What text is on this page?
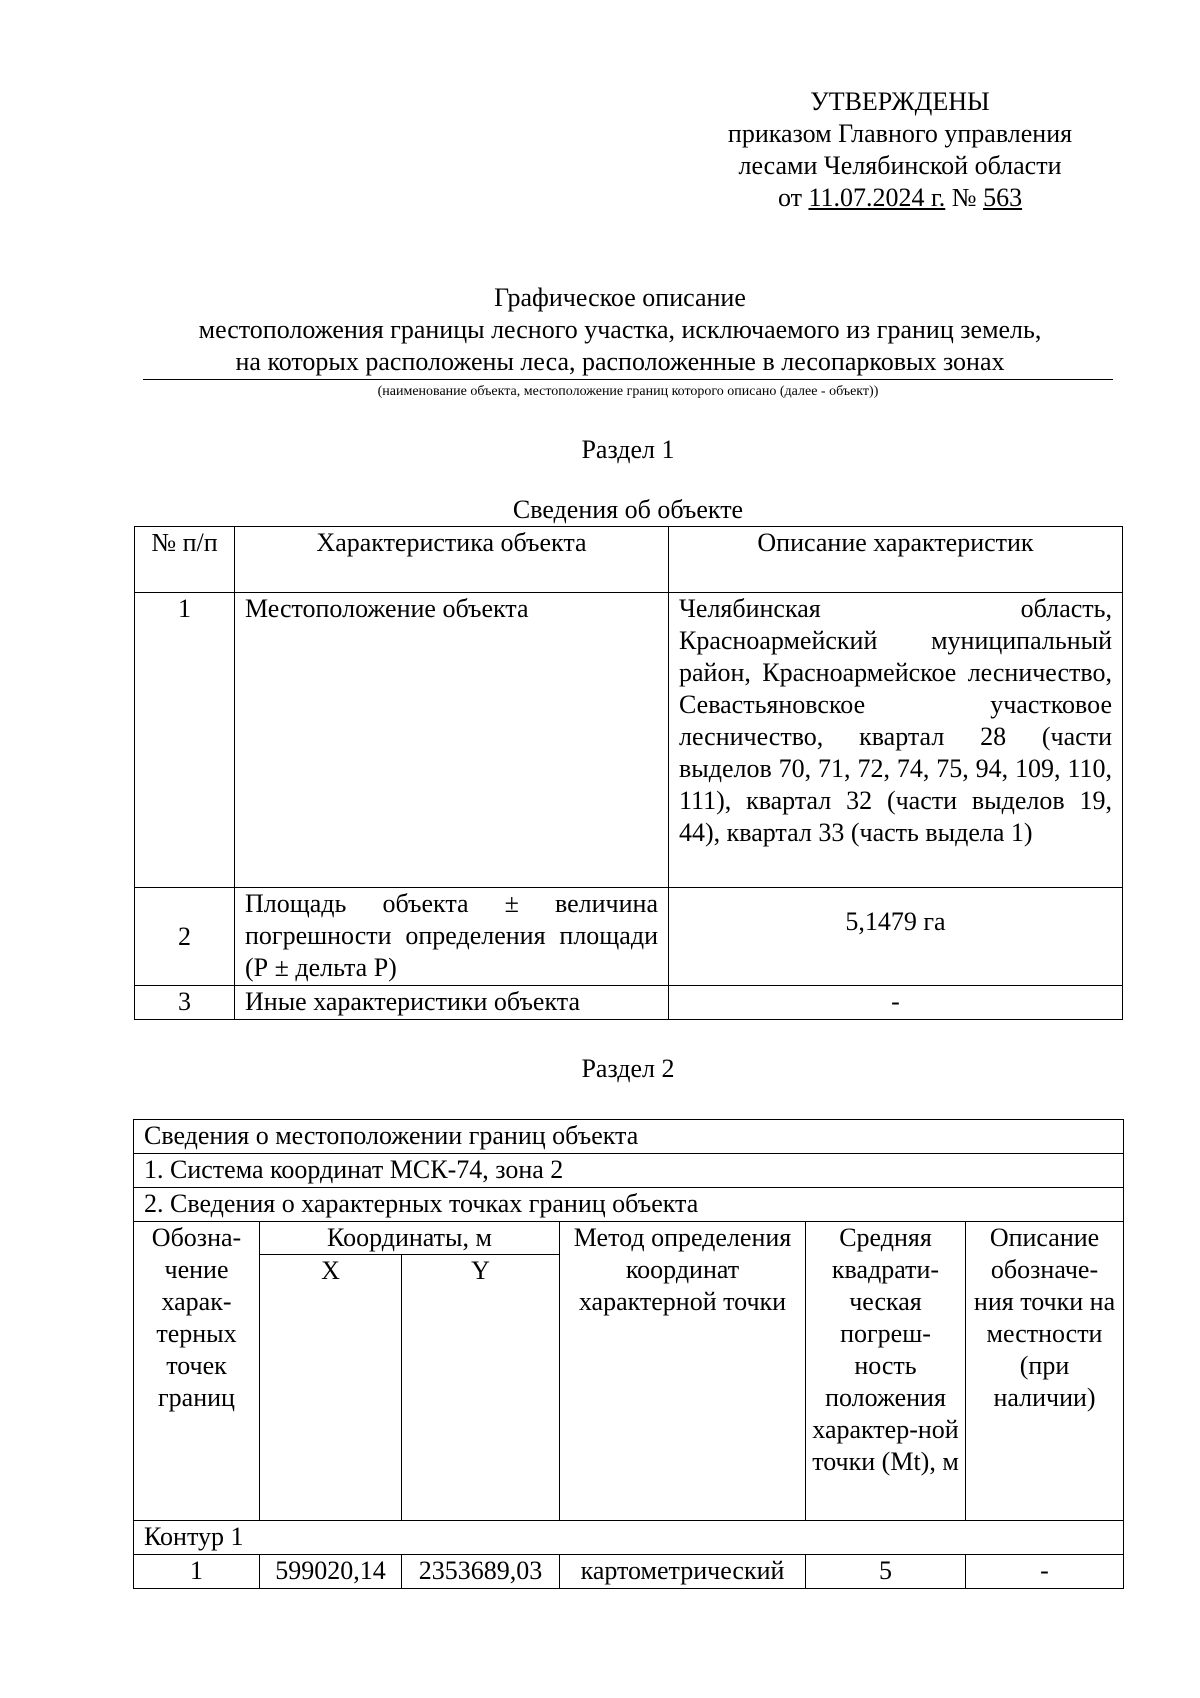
УТВЕРЖДЕНЫ
приказом Главного управления
лесами Челябинской области
от 11.07.2024 г. № 563
Графическое описание
местоположения границы лесного участка, исключаемого из границ земель,
на которых расположены леса, расположенные в лесопарковых зонах
(наименование объекта, местоположение границ которого описано (далее - объект))
Раздел 1
Сведения об объекте
№ п/п	Характеристика объекта	Описание характеристик
1	Местоположение объекта	Челябинская область, Красноармейский муниципальный район, Красноармейское лесничество, Севастьяновское участковое лесничество, квартал 28 (части выделов 70, 71, 72, 74, 75, 94, 109, 110, 111), квартал 32 (части выделов 19, 44), квартал 33 (часть выдела 1)
2	Площадь объекта ± величина погрешности определения площади (Р ± дельта Р)	5,1479 га
3	Иные характеристики объекта	-
Раздел 2
Сведения о местоположении границ объекта					
1. Система координат МСК-74, зона 2					
2. Сведения о характерных точках границ объекта					
Обозна-чение харак-терных точек границ	Координаты, м		Метод определения координат характерной точки	Средняя квадрати-ческая погреш-ность положения характер-ной точки (Mt), м	Описание обозначе-ния точки на местности (при наличии)
	X	Y			
Контур 1					
1	599020,14	2353689,03	картометрический	5	-
